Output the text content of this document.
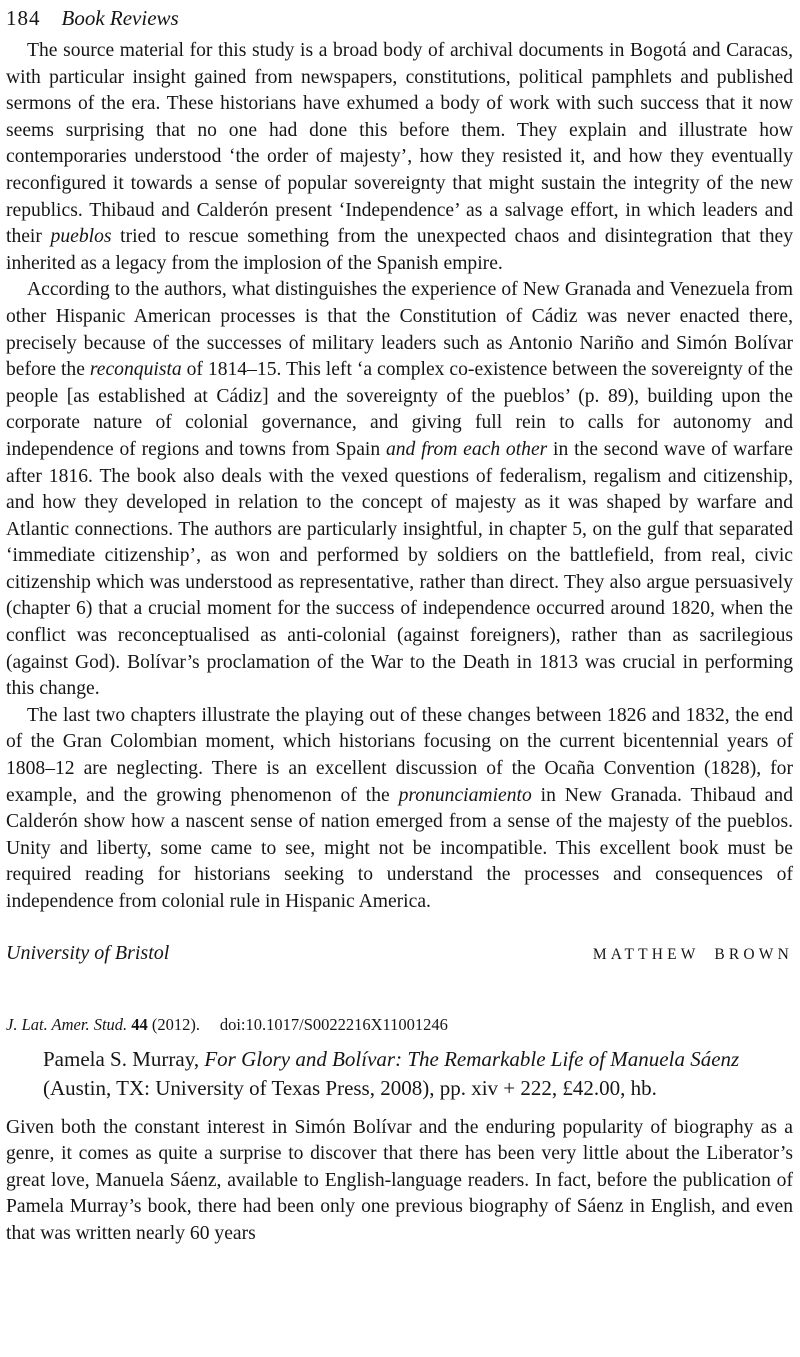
184 Book Reviews

The source material for this study is a broad body of archival documents in Bogotá and Caracas, with particular insight gained from newspapers, constitutions, political pamphlets and published sermons of the era. These historians have exhumed a body of work with such success that it now seems surprising that no one had done this before them. They explain and illustrate how contemporaries understood ‘the order of majesty’, how they resisted it, and how they eventually reconfigured it towards a sense of popular sovereignty that might sustain the integrity of the new republics. Thibaud and Calderón present ‘Independence’ as a salvage effort, in which leaders and their pueblos tried to rescue something from the unexpected chaos and disintegration that they inherited as a legacy from the implosion of the Spanish empire.

According to the authors, what distinguishes the experience of New Granada and Venezuela from other Hispanic American processes is that the Constitution of Cádiz was never enacted there, precisely because of the successes of military leaders such as Antonio Nariño and Simón Bolívar before the reconquista of 1814–15. This left ‘a complex co-existence between the sovereignty of the people [as established at Cádiz] and the sovereignty of the pueblos’ (p. 89), building upon the corporate nature of colonial governance, and giving full rein to calls for autonomy and independence of regions and towns from Spain and from each other in the second wave of warfare after 1816. The book also deals with the vexed questions of federalism, regalism and citizenship, and how they developed in relation to the concept of majesty as it was shaped by warfare and Atlantic connections. The authors are particularly insightful, in chapter 5, on the gulf that separated ‘immediate citizenship’, as won and performed by soldiers on the battlefield, from real, civic citizenship which was understood as representative, rather than direct. They also argue persuasively (chapter 6) that a crucial moment for the success of independence occurred around 1820, when the conflict was reconceptualised as anti-colonial (against foreigners), rather than as sacrilegious (against God). Bolívar’s proclamation of the War to the Death in 1813 was crucial in performing this change.

The last two chapters illustrate the playing out of these changes between 1826 and 1832, the end of the Gran Colombian moment, which historians focusing on the current bicentennial years of 1808–12 are neglecting. There is an excellent discussion of the Ocaña Convention (1828), for example, and the growing phenomenon of the pronunciamiento in New Granada. Thibaud and Calderón show how a nascent sense of nation emerged from a sense of the majesty of the pueblos. Unity and liberty, some came to see, might not be incompatible. This excellent book must be required reading for historians seeking to understand the processes and consequences of independence from colonial rule in Hispanic America.

University of Bristol	MATTHEW BROWN
J. Lat. Amer. Stud. 44 (2012). doi:10.1017/S0022216X11001246
Pamela S. Murray, For Glory and Bolívar: The Remarkable Life of Manuela Sáenz
(Austin, TX: University of Texas Press, 2008), pp. xiv + 222, £42.00, hb.

Given both the constant interest in Simón Bolívar and the enduring popularity of biography as a genre, it comes as quite a surprise to discover that there has been very little about the Liberator’s great love, Manuela Sáenz, available to English-language readers. In fact, before the publication of Pamela Murray’s book, there had been only one previous biography of Sáenz in English, and even that was written nearly 60 years
